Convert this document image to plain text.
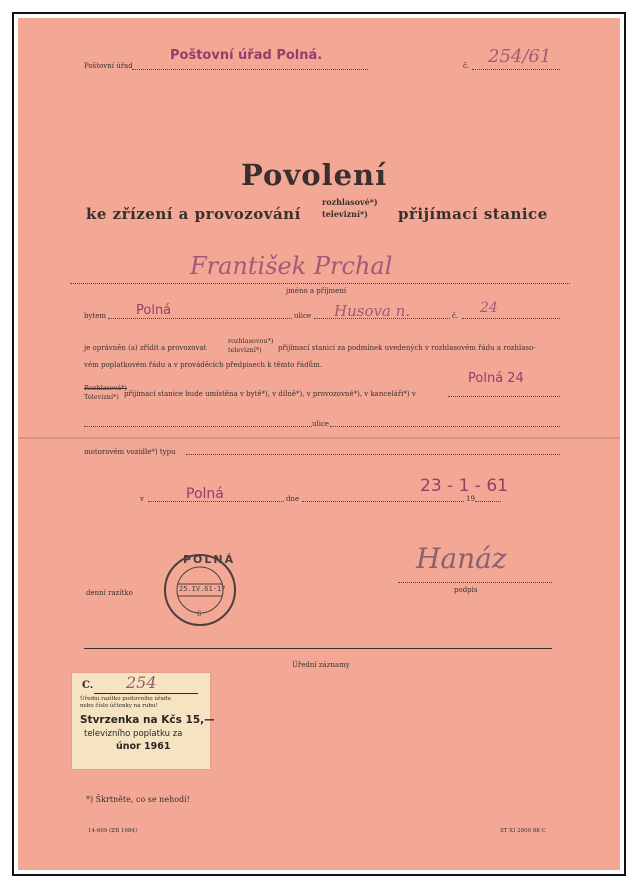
Poštovní úřad
Poštovní úřad Polná.
č. 254/61
Povolení
ke zřízení a provozování
rozhlasové*)
televizní*) přijímací stanice
František Prchal
jméno a příjmení
bytem Polná	ulice Husova n.	č. 24
je oprávněn (a) zřídit a provozovat
rozhlasovou*)
televizní*) přijímací stanici za podmínek uvedených v rozhlasovém řádu a rozhlaso-
vém poplatkovém řádu a v prováděcích předpisech k těmto řádům.
Rozhlasová*)
Televizní*) přijímací stanice bude umístěna v bytě*), v dílně*), v provozovně*), v kanceláři*) v
Polná 24
ulice
motorovém vozidle*) typu
v	Polná	dne
23 - 1 - 61
19
denní razítko
POLNÁ
25.IV.61-17
6
Hanáz
podpis
Úřední záznamy
C. 254
Úřední razítko poštovního úřadu
nebo číslo účtenky na rubu!
Stvrzenka na Kčs 15,—
televizního poplatku za
únor 1961
*) Škrtněte, co se nehodí!
14-609 (ZB 1984)	ST XI 2900 88 C
